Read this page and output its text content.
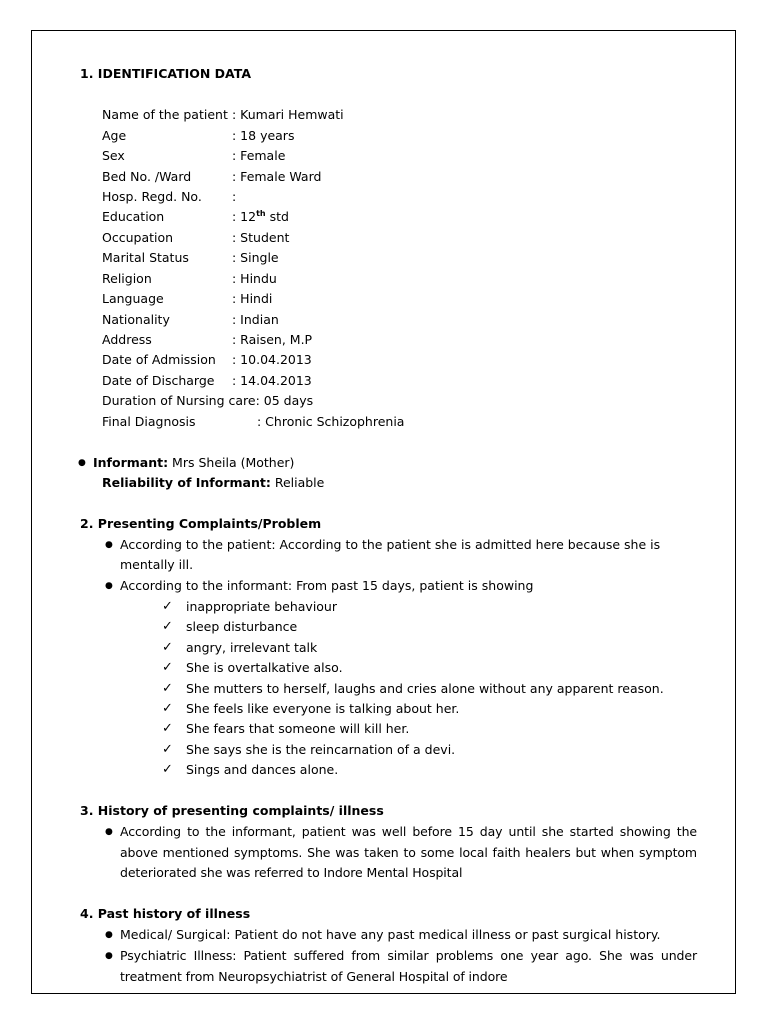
1. IDENTIFICATION DATA
Name of the patient : Kumari Hemwati
Age	: 18 years
Sex	: Female
Bed No. /Ward	: Female Ward
Hosp. Regd. No. :
Education	: 12th std
Occupation	: Student
Marital Status	: Single
Religion	: Hindu
Language	: Hindi
Nationality	: Indian
Address	: Raisen, M.P
Date of Admission : 10.04.2013
Date of Discharge : 14.04.2013
Duration of Nursing care: 05 days
Final Diagnosis	: Chronic Schizophrenia
● Informant: Mrs Sheila (Mother)
Reliability of Informant: Reliable
2. Presenting Complaints/Problem
● According to the patient: According to the patient she is admitted here because she is
mentally ill.
● According to the informant: From past 15 days, patient is showing
✓ inappropriate behaviour
✓ sleep disturbance
✓ angry, irrelevant talk
✓ She is overtalkative also.
✓ She mutters to herself, laughs and cries alone without any apparent reason.
✓ She feels like everyone is talking about her.
✓ She fears that someone will kill her.
✓ She says she is the reincarnation of a devi.
✓ Sings and dances alone.
3. History of presenting complaints/ illness
● According to the informant, patient was well before 15 day until she started showing the above mentioned symptoms. She was taken to some local faith healers but when symptom deteriorated she was referred to Indore Mental Hospital
4. Past history of illness
● Medical/ Surgical: Patient do not have any past medical illness or past surgical history.
● Psychiatric Illness: Patient suffered from similar problems one year ago. She was under treatment from Neuropsychiatrist of General Hospital of indore
